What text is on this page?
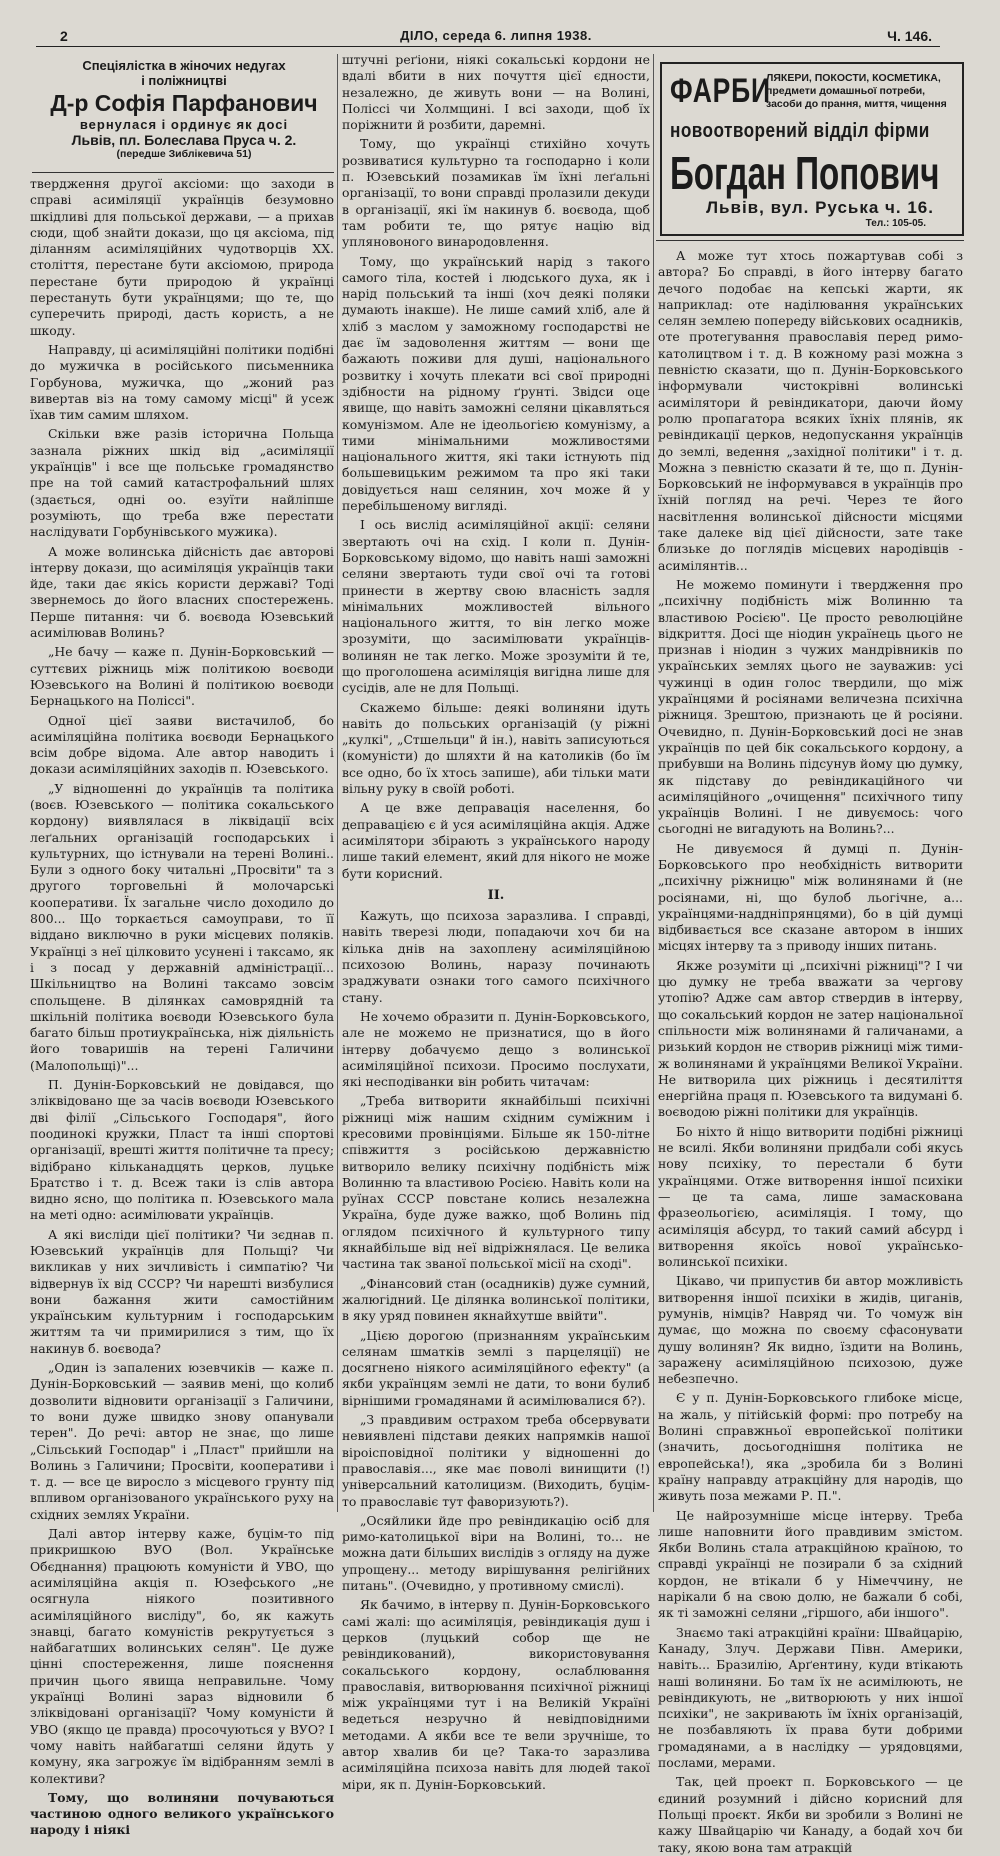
2	ДІЛО, середа 6. липня 1938.	Ч. 146.
Спеціялістка в жіночих недугах
і поліжництві
Д-р Софія Парфанович
вернулася і ординує як досі
Львів, пл. Болеслава Пруса ч. 2.
(передше Зиблікевича 51)
ФАРБИ
ЛЯКЕРИ, ПОКОСТИ, КОСМЕТИКА, предмети домашньої потреби, засоби до прання, миття, чищення
новоотворений відділ фірми
Богдан Попович
Львів, вул. Руська ч. 16.
Тел.: 105-05.

твердження другої аксіоми: що заходи в справі асиміляції українців безумовно шкідливі для польської держави, — а прихав сюди, щоб знайти докази, що ця аксіома, під діланням асиміляційних чудотворців XX. століття, перестане бути аксіомою, природа перестане бути природою й українці перестануть бути українцями; що те, що суперечить природі, дасть користь, а не шкоду.

Направду, ці асиміляційні політики подібні до мужичка в російського письменника Горбунова, мужичка, що „жоний раз вивертав віз на тому самому місці" й усеж їхав тим самим шляхом.

Скільки вже разів історична Польща зазнала ріжних шкід від „асиміляції українців" і все ще польське громадянство пре на той самий катастрофальний шлях (здається, одні оо. езуїти найліпше розуміють, що треба вже перестати наслідувати Горбунівського мужика).

А може волинська дійсність дає авторові інтерву докази, що асиміляція українців таки йде, таки дає якісь користи державі? Тоді звернемось до його власних спостережень. Перше питання: чи б. воєвода Юзевський асимілював Волинь?

„Не бачу — каже п. Дунін-Борковський — суттєвих ріжниць між політикою воєводи Юзевського на Волині й політикою воєводи Бернацького на Поліссі".

Одної цієї заяви вистачилоб, бо асиміляційна політика воєводи Бернацького всім добре відома. Але автор наводить і докази асиміляційних заходів п. Юзевського.

„У відношенні до українців та політика (воєв. Юзевського — політика сокальського кордону) виявлялася в ліквідації всіх леґальних організацій господарських і культурних, що істнували на терені Волині.. Були з одного боку читальні „Просвіти" та з другого торговельні й молочарські кооперативи. Їх загальне число доходило до 800... Що торкається самоуправи, то її віддано виключно в руки місцевих поляків. Українці з неї цілковито усунені і таксамо, як і з посад у державній адміністрації... Шкільництво на Волині таксамо зовсім спольщене. В ділянках самоврядній та шкільній політика воєводи Юзевського була багато більш протиукраїнська, ніж діяльність його товаришів на терені Галичини (Малопольщі)"...

П. Дунін-Борковський не довідався, що зліквідовано ще за часів воєводи Юзевського дві філії „Сільського Господаря", його поодинокі кружки, Пласт та інші спортові організації, врешті життя політичне та пресу; відібрано кільканадцять церков, луцьке Братство і т. д. Всеж таки із слів автора видно ясно, що політика п. Юзевського мала на меті одно: асимілювати українців.

А які висліди цієї політики? Чи зєднав п. Юзевський українців для Польщі? Чи викликав у них зичливість і симпатію? Чи відвернув їх від СССР? Чи нарешті визбулися вони бажання жити самостійним українським культурним і господарським життям та чи примирилися з тим, що їх накинув б. воєвода?

„Один із запалених юзевчиків — каже п. Дунін-Борковський — заявив мені, що колиб дозволити відновити організації з Галичини, то вони дуже швидко знову опанували терен". До речі: автор не знає, що лише „Сільський Господар" і „Пласт" прийшли на Волинь з Галичини; Просвіти, кооперативи і т. д. — все це виросло з місцевого грунту під впливом організованого українського руху на східних землях України.

Далі автор інтерву каже, буцім-то під прикришкою ВУО (Вол. Українське Обєднання) працюють комуністи й УВО, що асиміляційна акція п. Юзефського „не осягнула ніякого позитивного асиміляційного висліду", бо, як кажуть знавці, багато комуністів рекрутується з найбагатших волинських селян". Це дуже цінні спостереження, лише пояснення причин цього явища неправильне. Чому українці Волині зараз відновили б зліквідовані організації? Чому комуністи й УВО (якщо це правда) просочуються у ВУО? І чому навіть найбагатші селяни йдуть у комуну, яка загрожує їм відібранням землі в колективи?

Тому, що волиняни почуваються частиною одного великого українського народу і ніякі

штучні реґіони, ніякі сокальські кордони не вдалі вбити в них почуття цієї єдности, незалежно, де живуть вони — на Волині, Поліссі чи Холмщині. І всі заходи, щоб їх поріжнити й розбити, даремні.

Тому, що українці стихійно хочуть розвиватися культурно та господарно і коли п. Юзевський позамикав їм їхні леґальні організації, то вони справді пролазили декуди в організації, які їм накинув б. воєвода, щоб там робити те, що рятує націю від упляновоного винародовлення.

Тому, що український нарід з такого самого тіла, костей і людського духа, як і нарід польський та інші (хоч деякі поляки думають інакше). Не лише самий хліб, але й хліб з маслом у заможному господарстві не дає їм задоволення життям — вони ще бажають поживи для душі, національного розвитку і хочуть плекати всі свої природні здібности на рідному ґрунті. Звідси оце явище, що навіть заможні селяни цікавляться комунізмом. Але не ідеольогією комунізму, а тими мінімальними можливостями національного життя, які таки істнують під большевицьким режимом та про які таки довідується наш селянин, хоч може й у перебільшеному вигляді.

І ось вислід асиміляційної акції: селяни звертають очі на схід. І коли п. Дунін-Борковському відомо, що навіть наші заможні селяни звертають туди свої очі та готові принести в жертву свою власність задля мінімальних можливостей вільного національного життя, то він легко може зрозуміти, що засимілювати українців-волинян не так легко. Може зрозуміти й те, що проголошена асиміляція вигідна лише для сусідів, але не для Польщі.

Скажемо більше: деякі волиняни ідуть навіть до польських організацій (у ріжні „кулкі", „Стшельци" й ін.), навіть записуються (комуністи) до шляхти й на католиків (бо їм все одно, бо їх хтось запише), аби тільки мати вільну руку в своїй роботі.

А це вже деправація населення, бо деправацією є й уся асиміляційна акція. Адже асимілятори збірають з українського народу лише такий елемент, який для нікого не може бути корисний.

II.

Кажуть, що психоза заразлива. І справді, навіть тверезі люди, попадаючи хоч би на кілька днів на захоплену асиміляційною психозою Волинь, наразу починають зраджувати ознаки того самого психічного стану.

Не хочемо образити п. Дунін-Борковського, але не можемо не признатися, що в його інтерву добачуємо дещо з волинської асиміляційної психози. Просимо послухати, які несподіванки він робить читачам:

„Треба витворити якнайбільші психічні ріжниці між нашим східним суміжним і кресовими провінціями. Більше як 150-літне співжиття з російською державністю витворило велику психічну подібність між Волинню та властивою Росією. Навіть коли на руїнах СССР повстане колись незалежна Україна, буде дуже важко, щоб Волинь під оглядом психічного й культурного типу якнайбільше від неї відріжнялася. Це велика частина так званої польської місії на сході".

„Фінансовий стан (осадників) дуже сумний, жалюгідний. Це ділянка волинської політики, в яку уряд повинен якнайхутше ввійти".

„Цією дорогою (признанням українським селянам шматків землі з парцеляції) не досягнено ніякого асиміляційного ефекту" (а якби українцям землі не дати, то вони булиб вірнішими громадянами й асимілювалися б?).

„З правдивим острахом треба обсервувати невиявлені підстави деяких напрямків нашої віроісповідної політики у відношенні до православія..., яке має поволі винищити (!) універсальний католицизм. (Виходить, буцім-то православіє тут фаворизують?).

„Осяйлики йде про ревіндикацію осіб для римо-католицької віри на Волині, то... не можна дати більших вислідів з огляду на дуже упрощену... методу вирішування релігійних питань". (Очевидно, у противному смислі).

Як бачимо, в інтерву п. Дунін-Борковського самі жалі: що асиміляція, ревіндикація душ і церков (луцький собор ще не ревіндикований), використовування сокальського кордону, ослаблювання православія, витворювання психічної ріжниці між українцями тут і на Великій Україні ведеться незручно й невідповідними методами. А якби все те вели зручніше, то автор хвалив би це? Така-то заразлива асиміляційна психоза навіть для людей такої міри, як п. Дунін-Борковський.

А може тут хтось пожартував собі з автора? Бо справді, в його інтерву багато дечого подобає на кепські жарти, як наприклад: оте наділювання українських селян землею попереду військових осадників, оте протегування православія перед римо-католицтвом і т. д. В кожному разі можна з певністю сказати, що п. Дунін-Борковського інформували чистокрівні волинські асимілятори й ревіндикатори, даючи йому ролю пропагатора всяких їхніх плянів, як ревіндикації церков, недопускання українців до землі, ведення „західної політики" і т. д. Можна з певністю сказати й те, що п. Дунін-Борковський не інформувався в українців про їхній погляд на речі. Через те його насвітлення волинської дійсности місцями таке далеке від цієї дійсности, зате таке близьке до поглядів місцевих народівців - асимілянтів...

Не можемо поминути і твердження про „психічну подібність між Волинню та властивою Росією". Це просто революційне відкриття. Досі ще ніодин українець цього не признав і ніодин з чужих мандрівників по українських землях цього не зауважив: усі чужинці в один голос твердили, що між українцями й росіянами величезна психічна ріжниця. Зрештою, признають це й росіяни. Очевидно, п. Дунін-Борковський досі не знав українців по цей бік сокальського кордону, а прибувши на Волинь підсунув йому цю думку, як підставу до ревіндикаційного чи асиміляційного „очищення" психічного типу українців Волині. І не дивуємось: чого сьогодні не вигадують на Волинь?...

Не дивуємося й думці п. Дунін-Борковського про необхідність витворити „психічну ріжницю" між волинянами й (не росіянами, ні, що булоб льогічне, а... українцями-наддніпрянцями), бо в цій думці відбивається все сказане автором в інших місцях інтерву та з приводу інших питань.

Якже розуміти ці „психічні ріжниці"? І чи цю думку не треба вважати за чергову утопію? Адже сам автор ствердив в інтерву, що сокальський кордон не затер національної спільности між волинянами й галичанами, а ризький кордон не створив ріжниці між тими-ж волинянами й українцями Великої України. Не витворила цих ріжниць і десятиліття енергійна праця п. Юзевського та видумані б. воєводою ріжні політики для українців.

Бо ніхто й ніщо витворити подібні ріжниці не всилі. Якби волиняни придбали собі якусь нову психіку, то перестали б бути українцями. Отже витворення іншої психіки — це та сама, лише замаскована фразеольогією, асиміляція. І тому, що асиміляція абсурд, то такий самий абсурд і витворення якоїсь нової українсько-волинської психіки.

Цікаво, чи припустив би автор можливість витворення іншої психіки в жидів, циганів, румунів, німців? Навряд чи. То чомуж він думає, що можна по своєму сфасонувати душу волинян? Як видно, їздити на Волинь, заражену асиміляційною психозою, дуже небезпечно.

Є у п. Дунін-Борковського глибоке місце, на жаль, у пітійській формі: про потребу на Волині справжньої европейської політики (значить, досьогоднішня політика не европейська!), яка „зробила би з Волині країну направду атракційну для народів, що живуть поза межами Р. П.".

Це найрозумніше місце інтерву. Треба лише наповнити його правдивим змістом. Якби Волинь стала атракційною країною, то справді українці не позирали б за східний кордон, не втікали б у Німеччину, не нарікали б на свою долю, не бажали б собі, як ті заможні селяни „гіршого, аби іншого".

Знаємо такі атракційні країни: Швайцарію, Канаду, Злуч. Держави Півн. Америки, навіть... Бразилію, Арґентину, куди втікають наші волиняни. Бо там їх не асимілюють, не ревіндикують, не „витворюють у них іншої психіки", не закривають їм їхніх організацій, не позбавляють їх права бути добрими громадянами, а в наслідку — урядовцями, послами, мерами.

Так, цей проект п. Борковського — це єдиний розумний і дійсно корисний для Польщі проєкт. Якби ви зробили з Волині не кажу Швайцарію чи Канаду, а бодай хоч би таку, якою вона там атракцій
